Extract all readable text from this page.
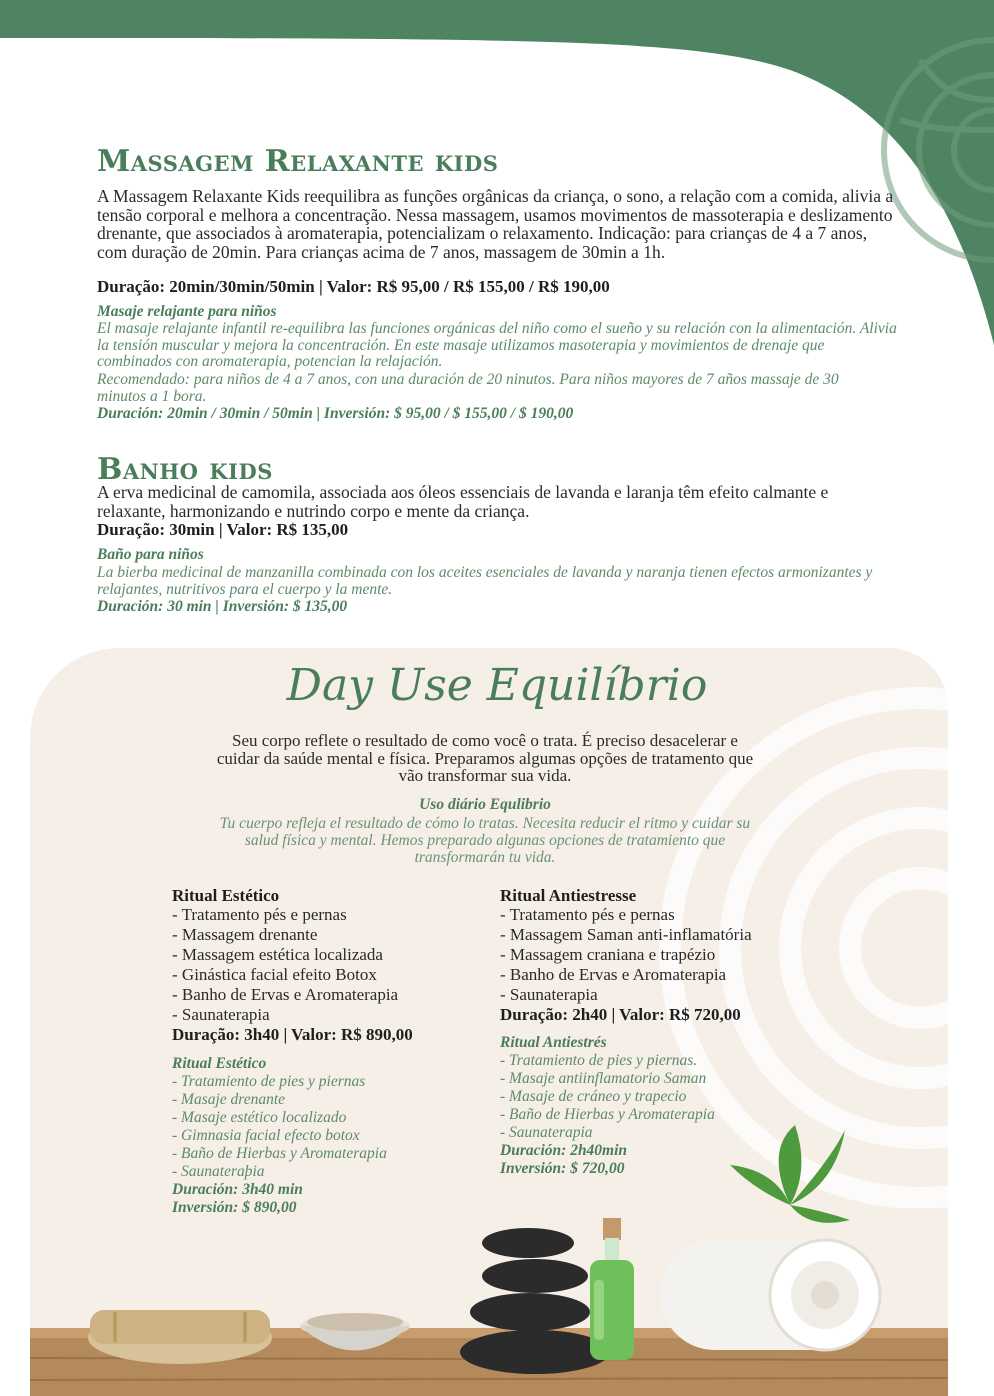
Massagem Relaxante kids

A Massagem Relaxante Kids reequilibra as funções orgânicas da criança, o sono, a relação com a comida, alivia a tensão corporal e melhora a concentração. Nessa massagem, usamos movimentos de massoterapia e deslizamento drenante, que associados à aromaterapia, potencializam o relaxamento. Indicação: para crianças de 4 a 7 anos, com duração de 20min. Para crianças acima de 7 anos, massagem de 30min a 1h.

Duração: 20min/30min/50min | Valor: R$ 95,00 / R$ 155,00 / R$ 190,00
Masaje relajante para niños

El masaje relajante infantil re-equilibra las funciones orgánicas del niño como el sueño y su relación con la alimentación. Alivia la tensión muscular y mejora la concentración. En este masaje utilizamos masoterapia y movimientos de drenaje que combinados con aromaterapia, potencian la relajación.

Recomendado: para niños de 4 a 7 anos, con una duración de 20 ninutos. Para niños mayores de 7 años massaje de 30 minutos a 1 bora.

Duración: 20min / 30min / 50min | Inversión: $ 95,00 / $ 155,00 / $ 190,00
Banho kids

A erva medicinal de camomila, associada aos óleos essenciais de lavanda e laranja têm efeito calmante e relaxante, harmonizando e nutrindo corpo e mente da criança.

Duração: 30min | Valor: R$ 135,00
Baño para niños

La bierba medicinal de manzanilla combinada con los aceites esenciales de lavanda y naranja tienen efectos armonizantes y relajantes, nutritivos para el cuerpo y la mente.

Duración: 30 min | Inversión: $ 135,00
Day Use Equilíbrio
Seu corpo reflete o resultado de como você o trata. É preciso desacelerar e cuidar da saúde mental e física. Preparamos algumas opções de tratamento que vão transformar sua vida.
Uso diário Equlibrio
Tu cuerpo refleja el resultado de cómo lo tratas. Necesita reducir el ritmo y cuidar su salud física y mental. Hemos preparado algunas opciones de tratamiento que transformarán tu vida.
Ritual Estético
- Tratamento pés e pernas
- Massagem drenante
- Massagem estética localizada
- Ginástica facial efeito Botox
- Banho de Ervas e Aromaterapia
- Saunaterapia
Duração: 3h40 | Valor: R$ 890,00
Ritual Estético
- Tratamiento de pies y piernas
- Masaje drenante
- Masaje estético localizado
- Gimnasia facial efecto botox
- Baño de Hierbas y Aromaterapia
- Saunateraþia
Duración: 3h40 min
Inversión: $ 890,00
Ritual Antiestresse
- Tratamento pés e pernas
- Massagem Saman anti-inflamatória
- Massagem craniana e trapézio
- Banho de Ervas e Aromaterapia
- Saunaterapia
Duração: 2h40 | Valor: R$ 720,00
Ritual Antiestrés
- Tratamiento de pies y piernas.
- Masaje antiinflamatorio Saman
- Masaje de cráneo y trapecio
- Baño de Hierbas y Aromaterapia
- Saunaterapia
Duración: 2h40min
Inversión: $ 720,00
